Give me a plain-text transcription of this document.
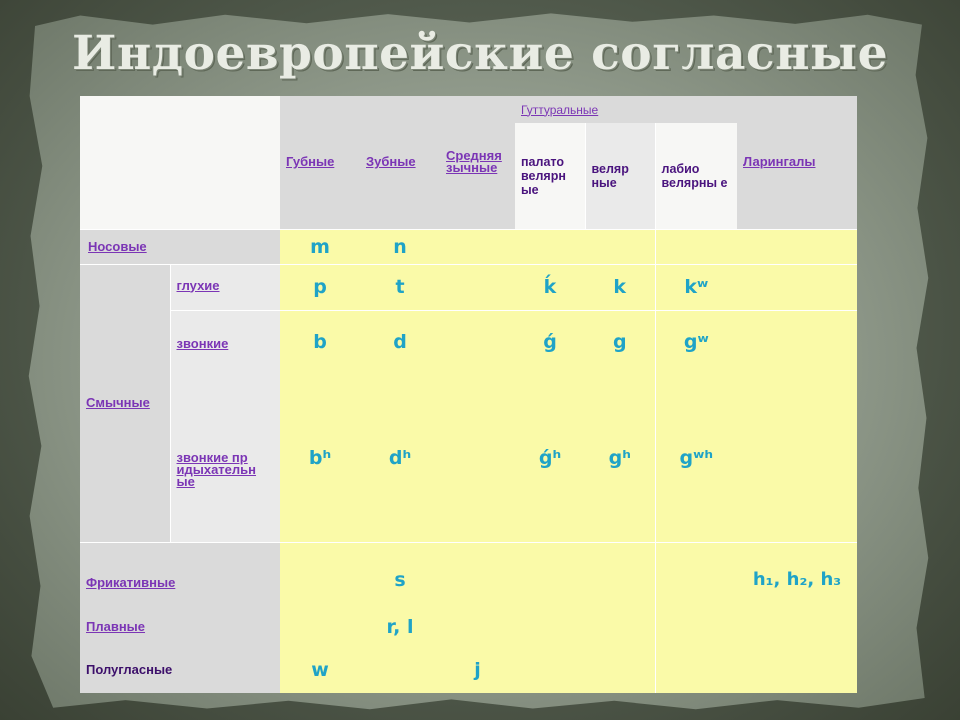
Индоевропейские согласные
		Губные	Зубные	Средняя зычные	Гуттуральные			Ларингалы

					палато велярн ые	веляр ные	лабио велярны е	

Носовые		m	n					
Смычные	глухие	p	t		ḱ	k	kʷ	

	звонкие	b	d		ǵ	g	gʷ	

	звонкие пр идыхательн ые	bʰ	dʰ		ǵʰ	gʰ	gʷʰ	
Фрикативные			s					h₁, h₂, h₃
Плавные			r, l					
Полугласные		w		j				
